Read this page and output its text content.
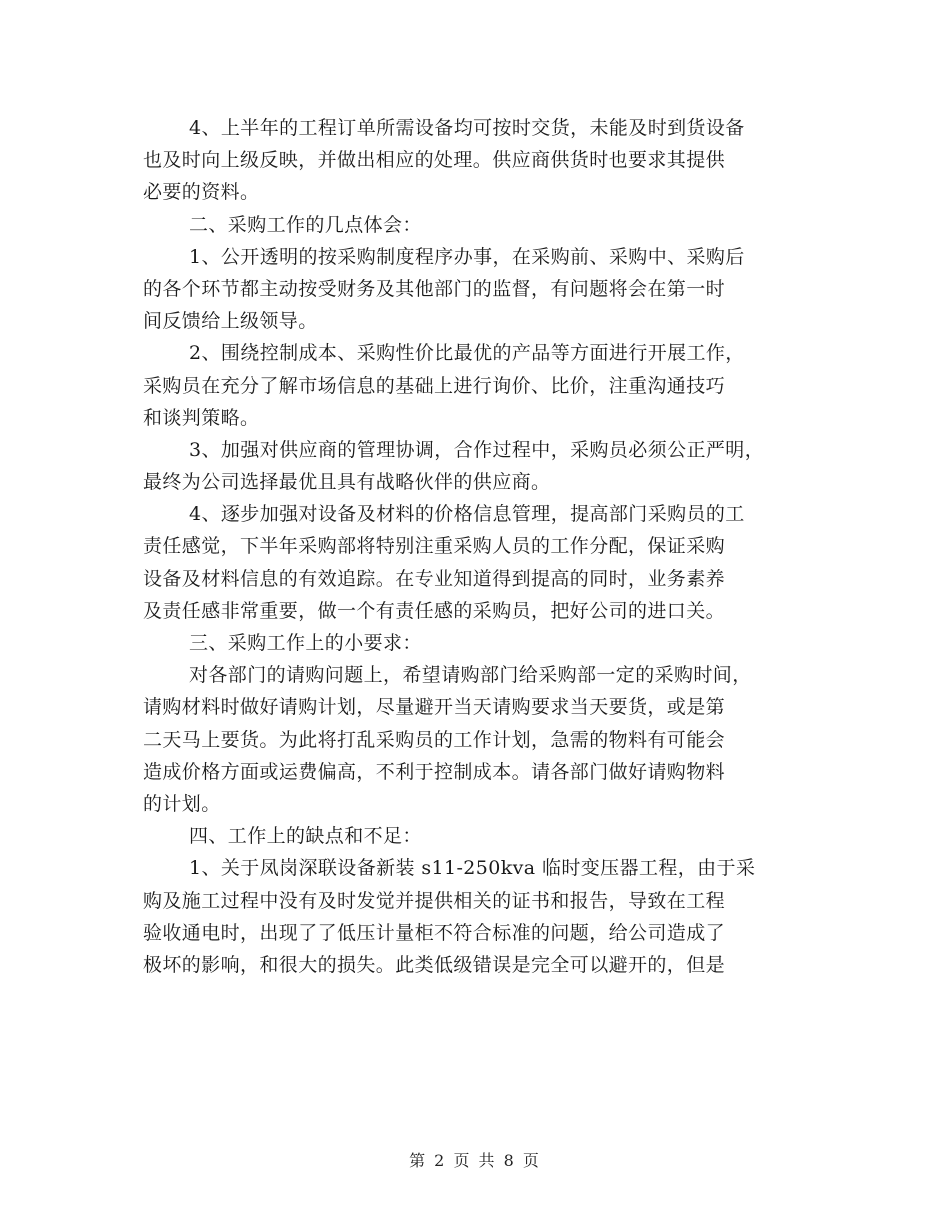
4、上半年的工程订单所需设备均可按时交货，未能及时到货设备
也及时向上级反映，并做出相应的处理。供应商供货时也要求其提供
必要的资料。
二、采购工作的几点体会：
1、公开透明的按采购制度程序办事，在采购前、采购中、采购后
的各个环节都主动按受财务及其他部门的监督，有问题将会在第一时
间反馈给上级领导。
2、围绕控制成本、采购性价比最优的产品等方面进行开展工作，
采购员在充分了解市场信息的基础上进行询价、比价，注重沟通技巧
和谈判策略。
3、加强对供应商的管理协调，合作过程中，采购员必须公正严明，
最终为公司选择最优且具有战略伙伴的供应商。
4、逐步加强对设备及材料的价格信息管理，提高部门采购员的工
责任感觉，下半年采购部将特别注重采购人员的工作分配，保证采购
设备及材料信息的有效追踪。在专业知道得到提高的同时，业务素养
及责任感非常重要，做一个有责任感的采购员，把好公司的进口关。
三、采购工作上的小要求：
对各部门的请购问题上，希望请购部门给采购部一定的采购时间，
请购材料时做好请购计划，尽量避开当天请购要求当天要货，或是第
二天马上要货。为此将打乱采购员的工作计划，急需的物料有可能会
造成价格方面或运费偏高，不利于控制成本。请各部门做好请购物料
的计划。
四、工作上的缺点和不足：
1、关于凤岗深联设备新装 s11-250kva 临时变压器工程，由于采
购及施工过程中没有及时发觉并提供相关的证书和报告，导致在工程
验收通电时，出现了了低压计量柜不符合标准的问题，给公司造成了
极坏的影响，和很大的损失。此类低级错误是完全可以避开的，但是
第 2 页 共 8 页
